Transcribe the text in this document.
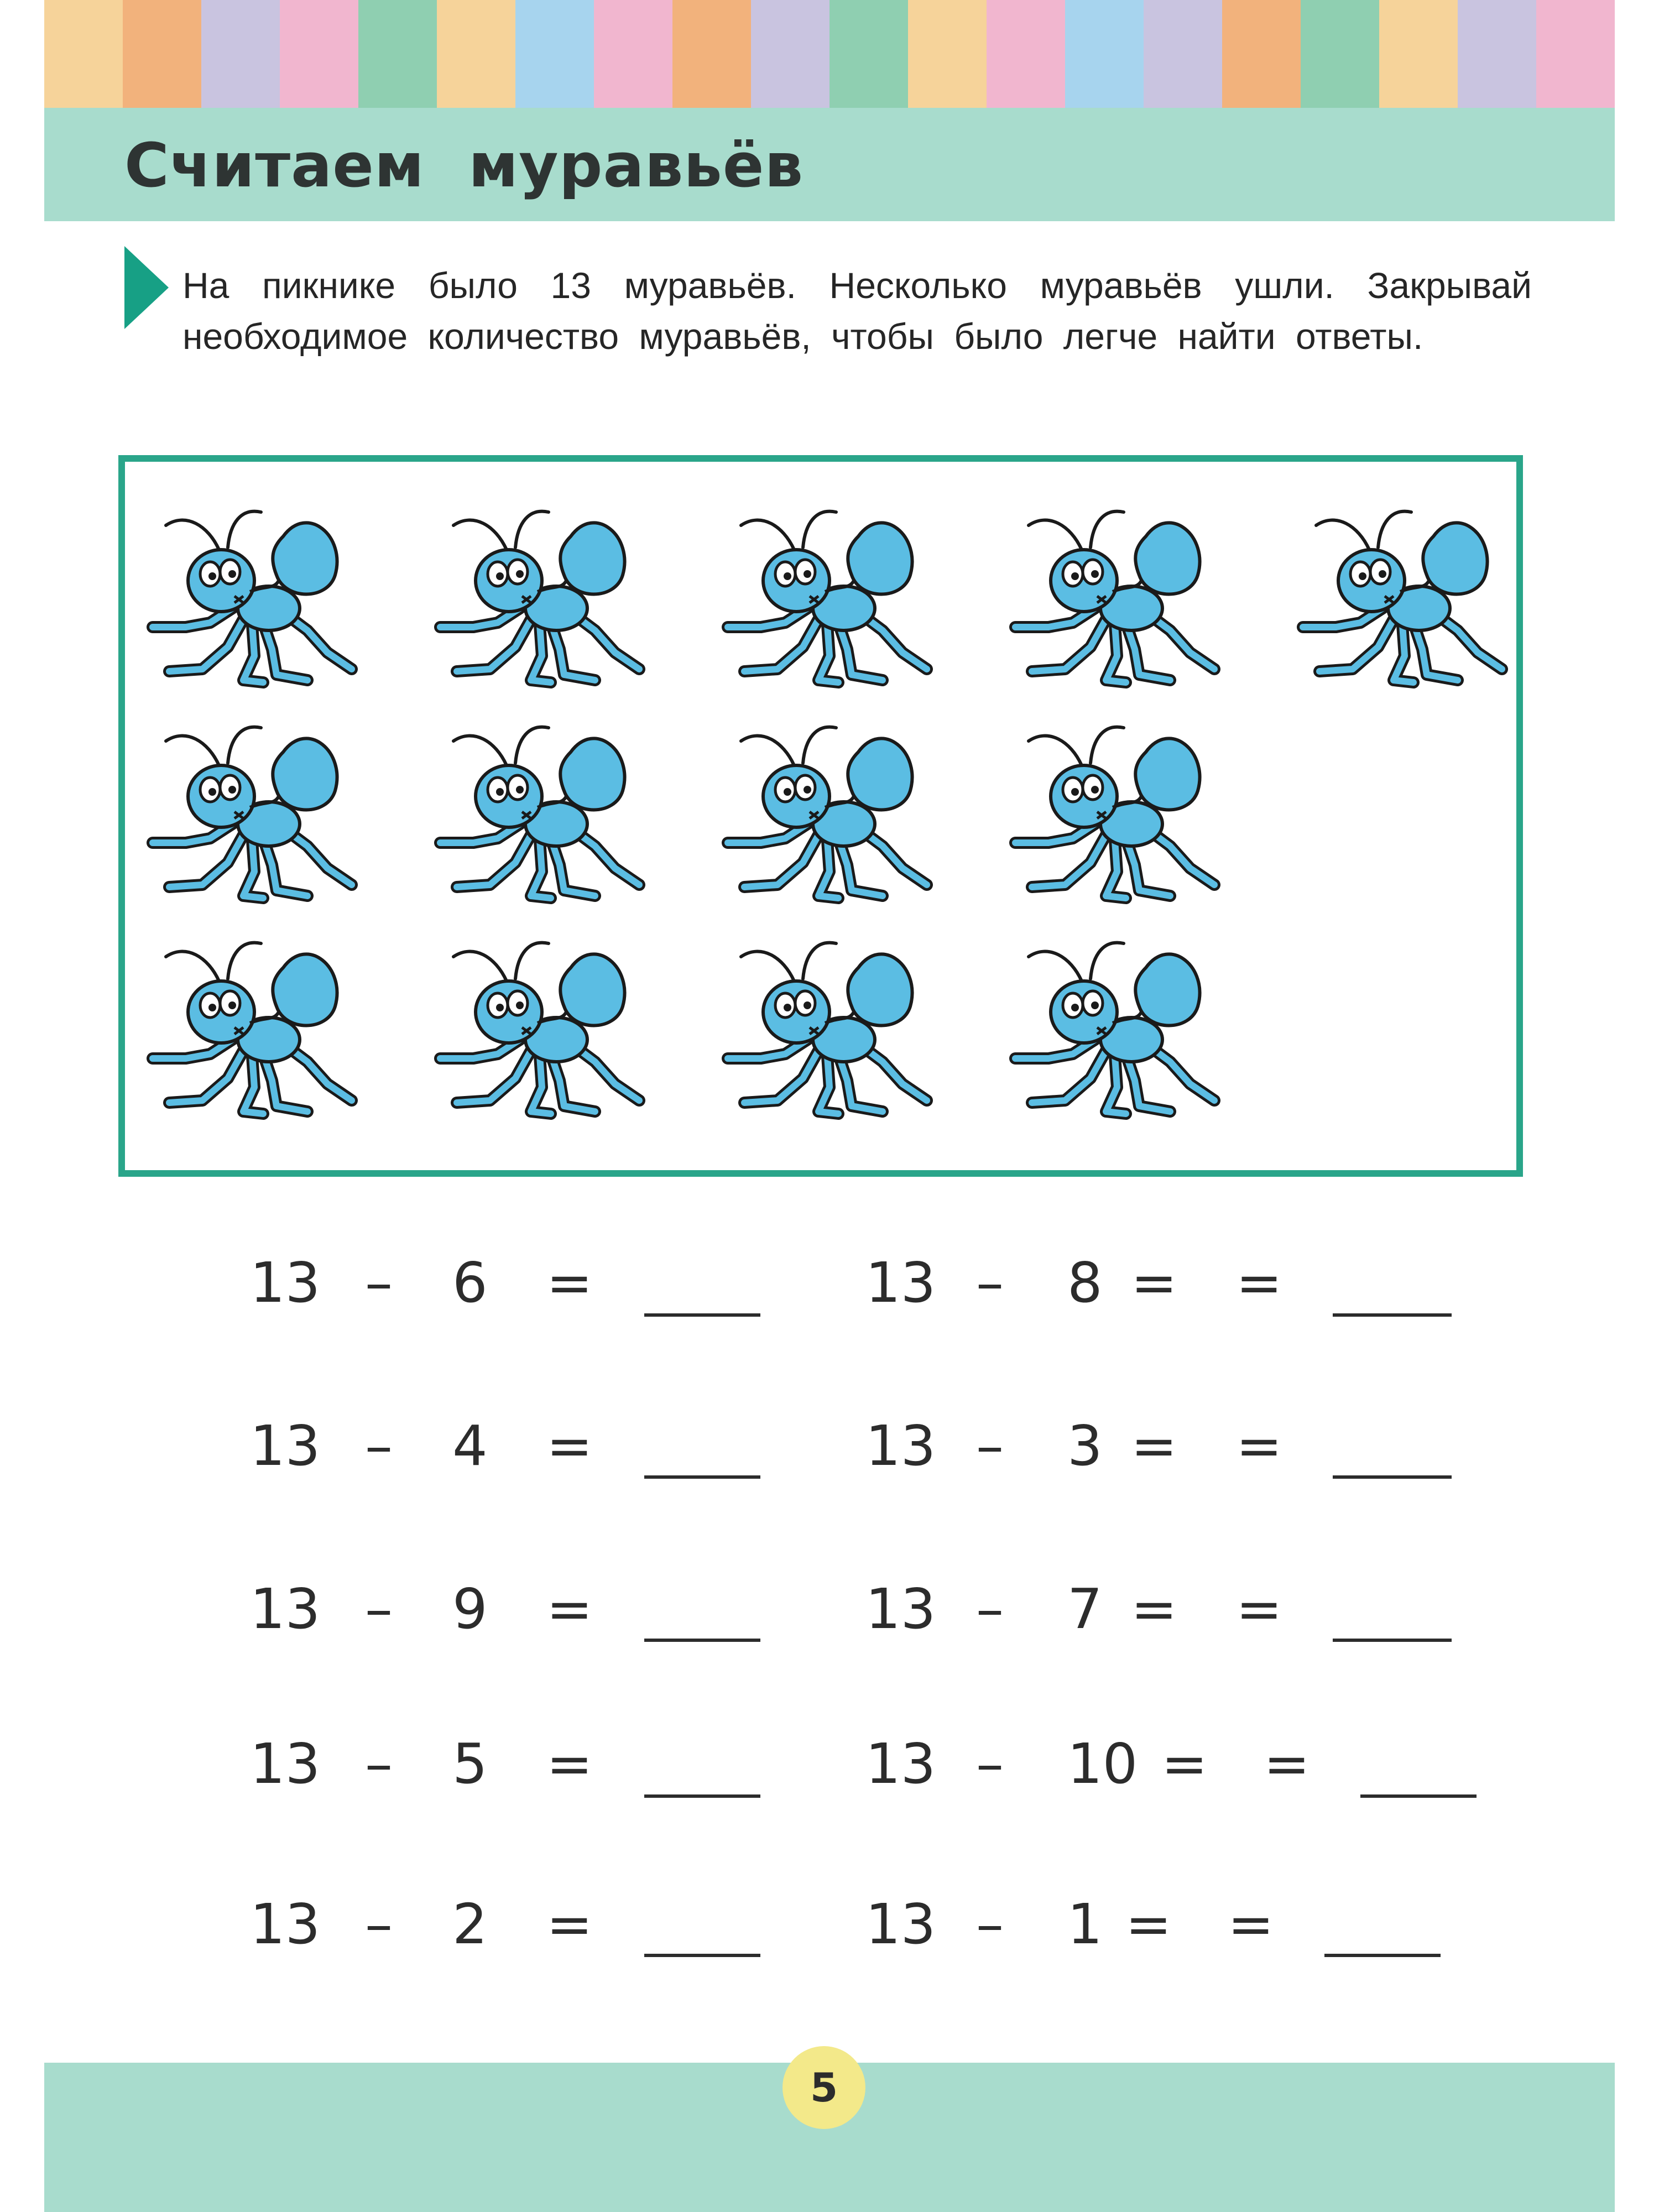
Считаем муравьёв

На пикнике было 13 муравьёв. Несколько муравьёв ушли. Закрывай необходимое количество муравьёв, чтобы было легче найти ответы.

13 – 6 =
13 – 4 =
13 – 9 =
13 – 5 =
13 – 2 =
13 – 8 = =
13 – 3 = =
13 – 7 = =
13 – 10 = =
13 – 1 = =
5
